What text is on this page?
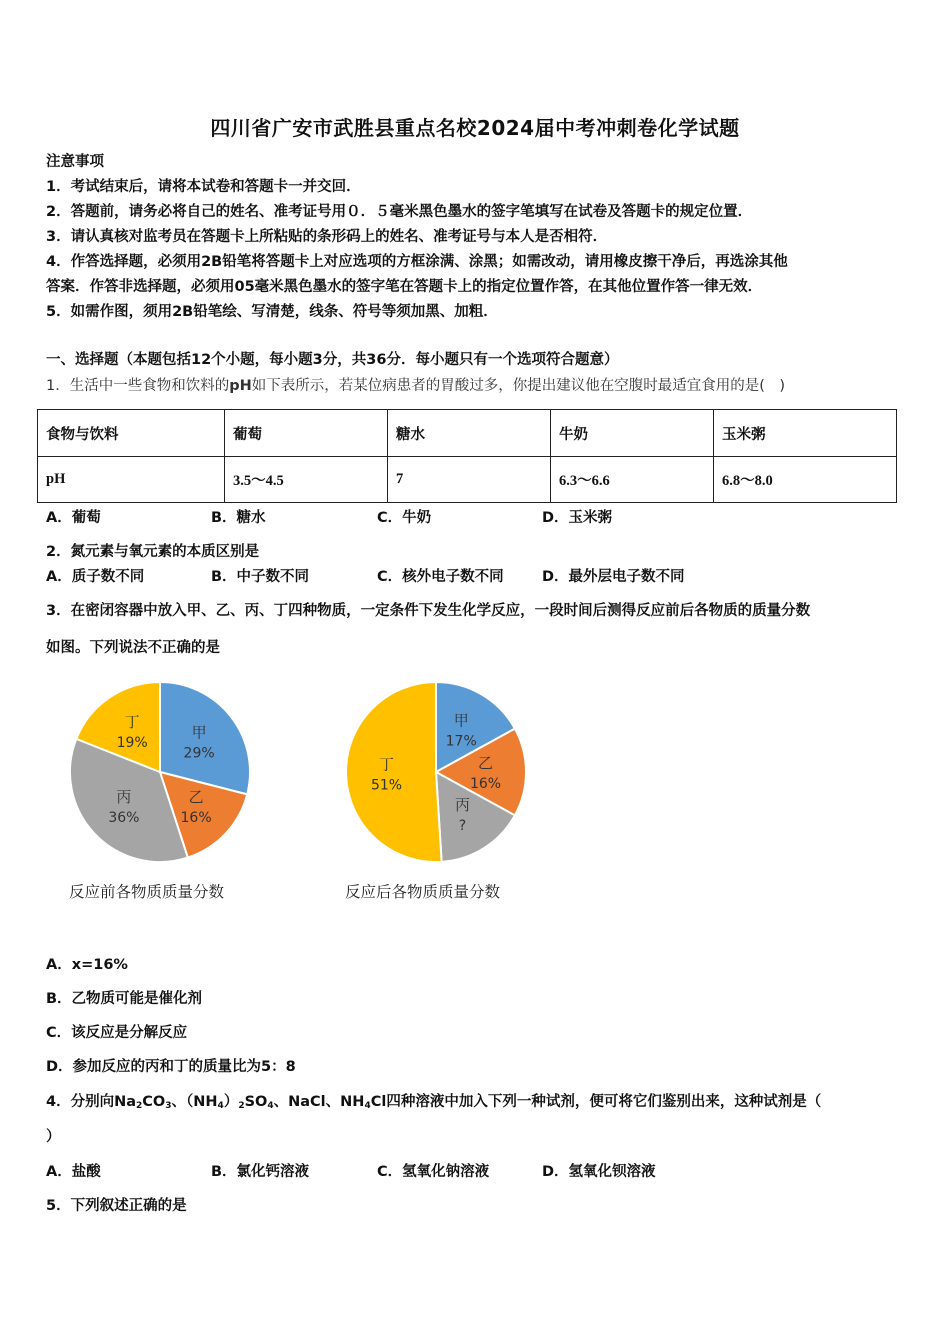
四川省广安市武胜县重点名校2024届中考冲刺卷化学试题
注意事项
1．考试结束后，请将本试卷和答题卡一并交回．
2．答题前，请务必将自己的姓名、准考证号用０．５毫米黑色墨水的签字笔填写在试卷及答题卡的规定位置．
3．请认真核对监考员在答题卡上所粘贴的条形码上的姓名、准考证号与本人是否相符．
4．作答选择题，必须用2B铅笔将答题卡上对应选项的方框涂满、涂黑；如需改动，请用橡皮擦干净后，再选涂其他
答案．作答非选择题，必须用05毫米黑色墨水的签字笔在答题卡上的指定位置作答，在其他位置作答一律无效．
5．如需作图，须用2B铅笔绘、写清楚，线条、符号等须加黑、加粗．
一、选择题（本题包括12个小题，每小题3分，共36分．每小题只有一个选项符合题意）
1．生活中一些食物和饮料的pH如下表所示，若某位病患者的胃酸过多，你提出建议他在空腹时最适宜食用的是(　)
食物与饮料	葡萄	糖水	牛奶	玉米粥
pH	3.5～4.5	7	6.3～6.6	6.8～8.0
A．葡萄	B．糖水	C．牛奶	D．玉米粥
2．氮元素与氧元素的本质区别是
A．质子数不同	B．中子数不同	C．核外电子数不同	D．最外层电子数不同
3．在密闭容器中放入甲、乙、丙、丁四种物质，一定条件下发生化学反应，一段时间后测得反应前后各物质的质量分数
如图。下列说法不正确的是
甲
29%
乙
16%
丙
36%
丁
19%
甲
17%
乙
16%
丙
?
丁
51%
反应前各物质质量分数	反应后各物质质量分数
A．x=16%
B．乙物质可能是催化剂
C．该反应是分解反应
D．参加反应的丙和丁的质量比为5：8
4．分别向$Na_2CO_3$、$(NH_4)_2SO_4$、NaCl、$NH_4Cl$四种溶液中加入下列一种试剂，便可将它们鉴别出来，这种试剂是（
）
A．盐酸	B．氯化钙溶液	C．氢氧化钠溶液	D．氢氧化钡溶液
5．下列叙述正确的是
